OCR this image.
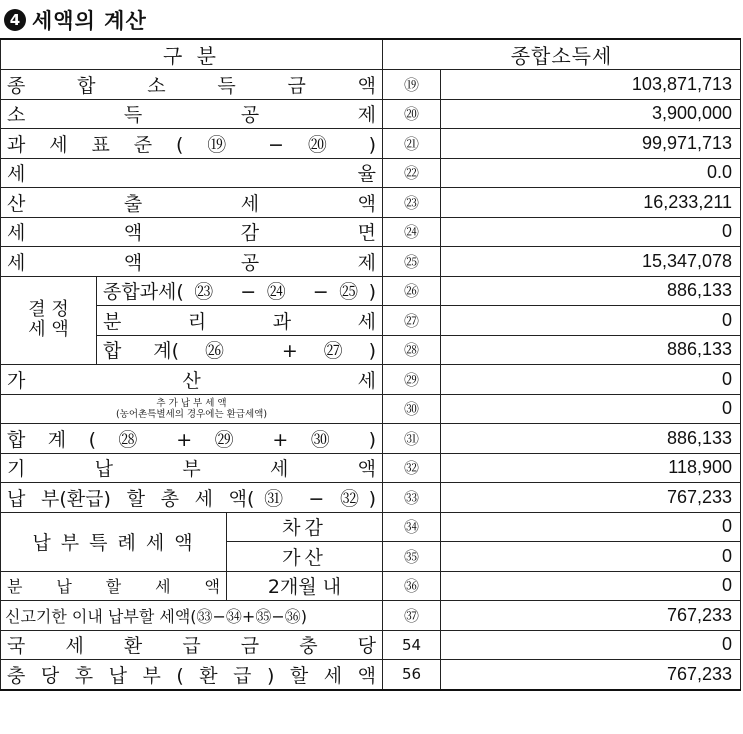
4 세액의 계산
구 분			종합소득세	
종 합 소 득 금 액			⑲	103,871,713
소 득 공 제			⑳	3,900,000
과 세 표 준 ( ⑲ − ⑳ )			㉑	99,971,713
세 율			㉒	0.0
산 출 세 액			㉓	16,233,211
세 액 감 면			㉔	0
세 액 공 제			㉕	15,347,078
결 정
세 액	종합과세(㉓ −㉔ −㉕)		㉖	886,133
	분 리 과 세		㉗	0
	합 계(㉖ +㉗)		㉘	886,133
가 산 세			㉙	0
추 가 납 부 세 액
(농어촌특별세의 경우에는 환급세액)			㉚	0
합 계 ( ㉘ + ㉙ + ㉚ )			㉛	886,133
기 납 부 세 액			㉜	118,900
납 부(환급) 할 총 세 액(㉛ − ㉜)			㉝	767,233
납 부 특 례 세 액		차감	㉞	0
		가산	㉟	0
분 납 할 세 액		2개월 내	㊱	0
신고기한 이내 납부할 세액(㉝−㉞+㉟−㊱)			㊲	767,233
국 세 환 급 금 충 당			54	0
충 당 후 납 부 ( 환 급 ) 할 세 액			56	767,233
